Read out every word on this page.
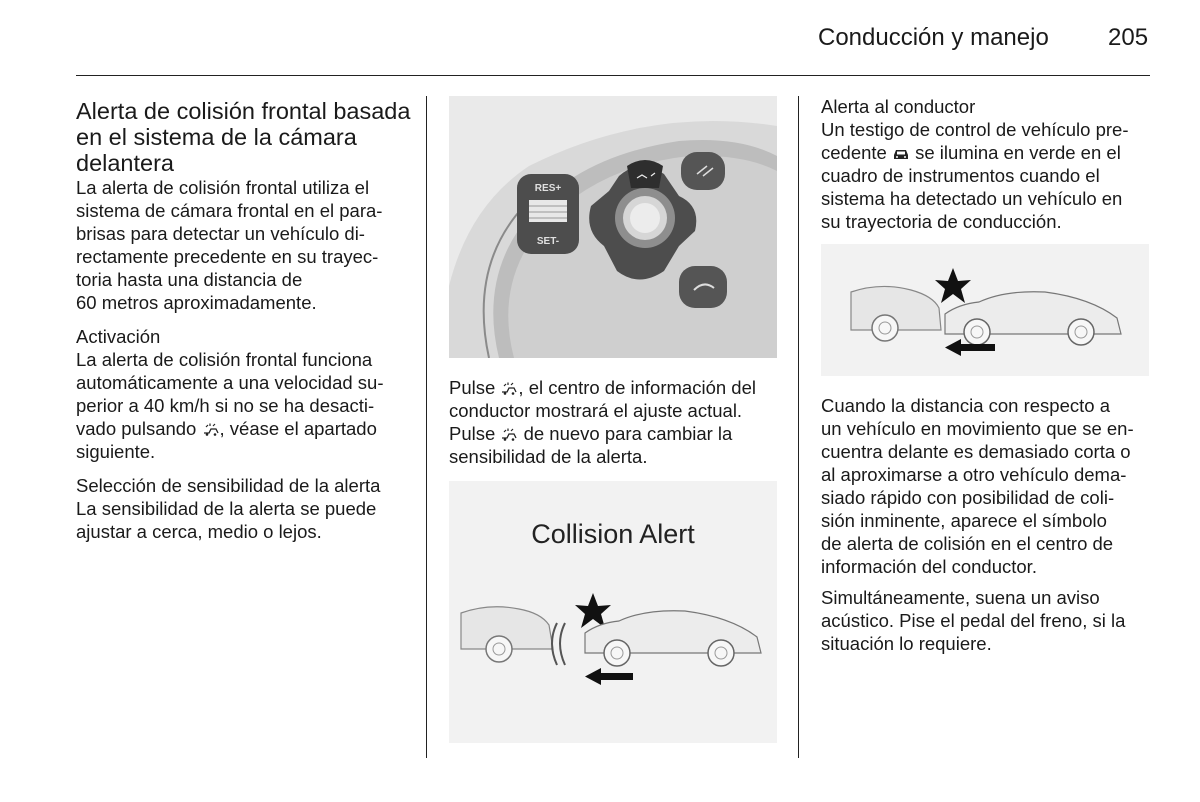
Conducción y manejo 205
Alerta de colisión frontal basada
en el sistema de la cámara
delantera
La alerta de colisión frontal utiliza el
sistema de cámara frontal en el para-
brisas para detectar un vehículo di-
rectamente precedente en su trayec-
toria hasta una distancia de
60 metros aproximadamente.
Activación
La alerta de colisión frontal funciona
automáticamente a una velocidad su-
perior a 40 km/h si no se ha desacti-
vado pulsando , véase el apartado
siguiente.
Selección de sensibilidad de la alerta
La sensibilidad de la alerta se puede
ajustar a cerca, medio o lejos.
RES+
SET-
Pulse , el centro de información del
conductor mostrará el ajuste actual.
Pulse de nuevo para cambiar la
sensibilidad de la alerta.
Collision Alert
Alerta al conductor
Un testigo de control de vehículo pre-
cedente se ilumina en verde en el
cuadro de instrumentos cuando el
sistema ha detectado un vehículo en
su trayectoria de conducción.
Cuando la distancia con respecto a
un vehículo en movimiento que se en-
cuentra delante es demasiado corta o
al aproximarse a otro vehículo dema-
siado rápido con posibilidad de coli-
sión inminente, aparece el símbolo
de alerta de colisión en el centro de
información del conductor.
Simultáneamente, suena un aviso
acústico. Pise el pedal del freno, si la
situación lo requiere.
